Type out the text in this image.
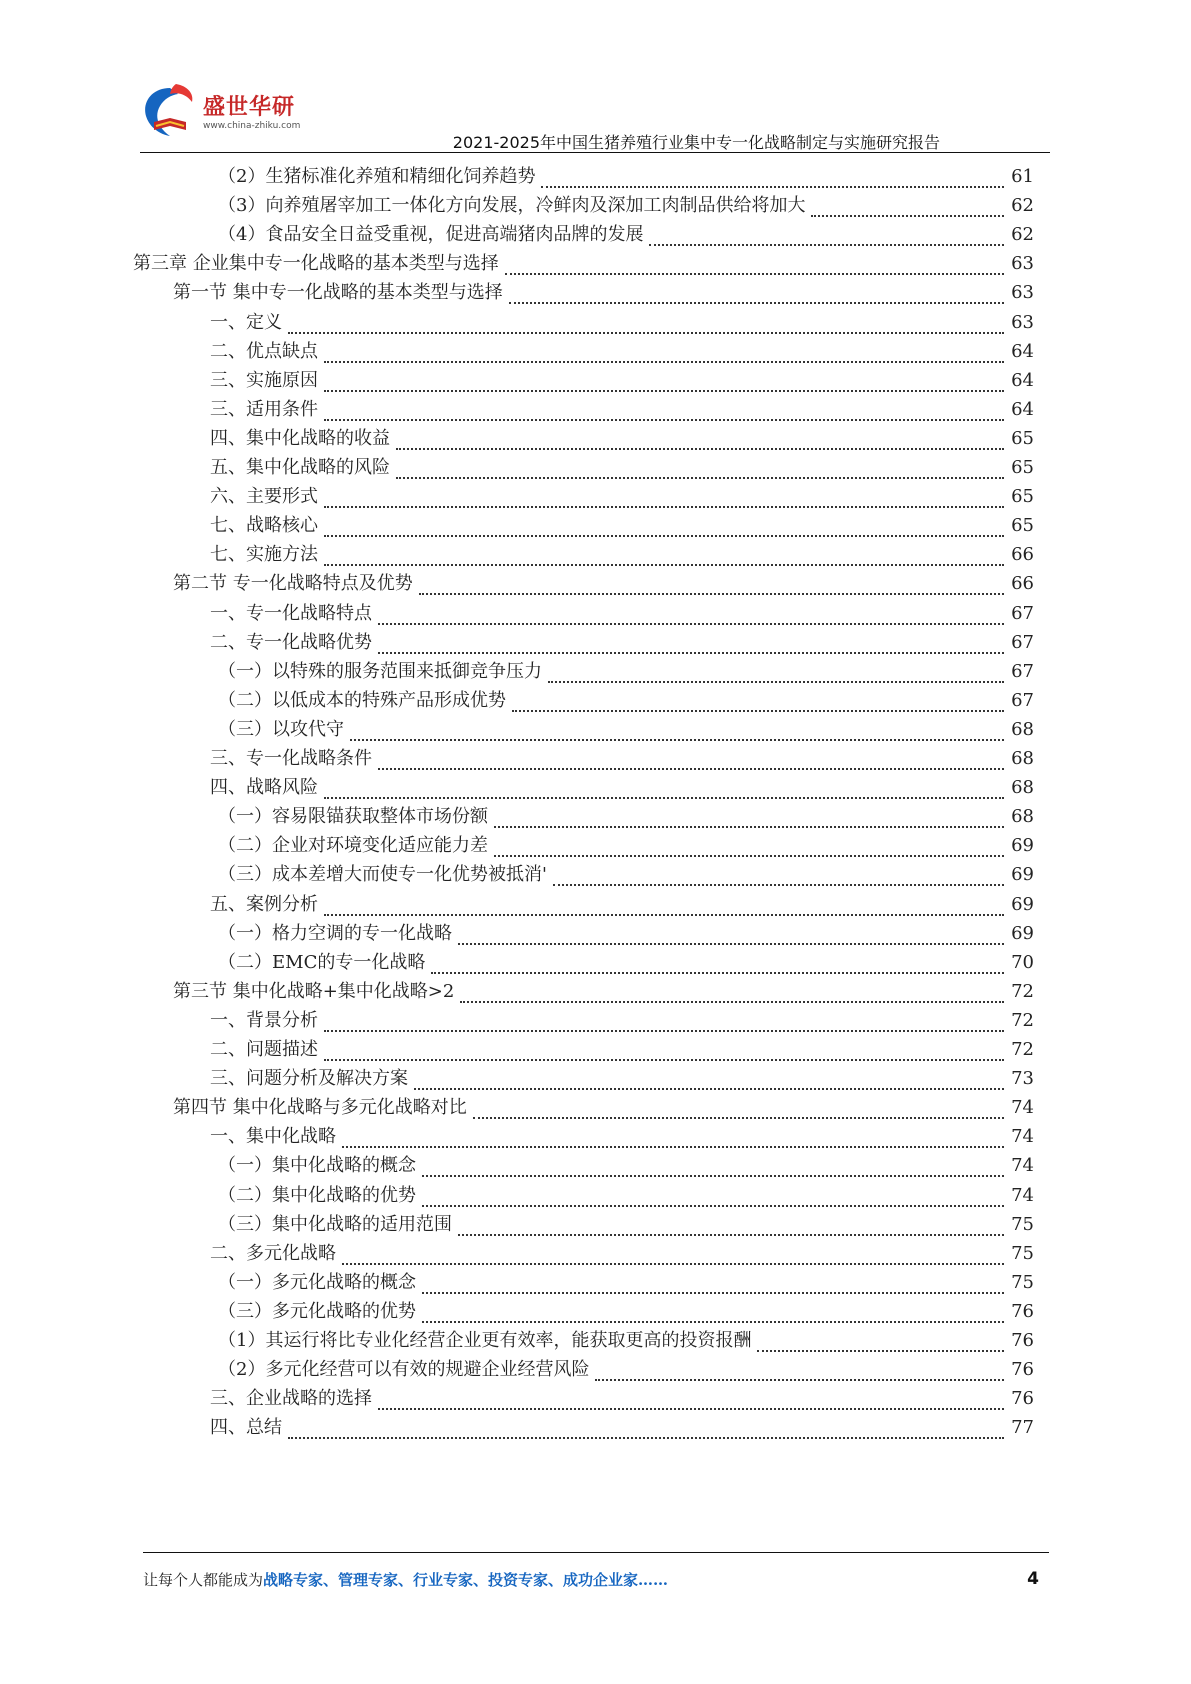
盛世华研
www.china-zhiku.com
2021-2025年中国生猪养殖行业集中专一化战略制定与实施研究报告
（2）生猪标准化养殖和精细化饲养趋势	61
（3）向养殖屠宰加工一体化方向发展，冷鲜肉及深加工肉制品供给将加大	62
（4）食品安全日益受重视，促进高端猪肉品牌的发展	62
第三章 企业集中专一化战略的基本类型与选择	63
第一节 集中专一化战略的基本类型与选择	63
一、定义	63
二、优点缺点	64
三、实施原因	64
三、适用条件	64
四、集中化战略的收益	65
五、集中化战略的风险	65
六、主要形式	65
七、战略核心	65
七、实施方法	66
第二节 专一化战略特点及优势	66
一、专一化战略特点	67
二、专一化战略优势	67
（一）以特殊的服务范围来抵御竞争压力	67
（二）以低成本的特殊产品形成优势	67
（三）以攻代守	68
三、专一化战略条件	68
四、战略风险	68
（一）容易限锚获取整体市场份额	68
（二）企业对环境变化适应能力差	69
（三）成本差增大而使专一化优势被抵消'	69
五、案例分析	69
（一）格力空调的专一化战略	69
（二）EMC的专一化战略	70
第三节 集中化战略+集中化战略>2	72
一、背景分析	72
二、问题描述	72
三、问题分析及解决方案	73
第四节 集中化战略与多元化战略对比	74
一、集中化战略	74
（一）集中化战略的概念	74
（二）集中化战略的优势	74
（三）集中化战略的适用范围	75
二、多元化战略	75
（一）多元化战略的概念	75
（三）多元化战略的优势	76
（1）其运行将比专业化经营企业更有效率，能获取更高的投资报酬	76
（2）多元化经营可以有效的规避企业经营风险	76
三、企业战略的选择	76
四、总结	77
让每个人都能成为战略专家、管理专家、行业专家、投资专家、成功企业家……	4
